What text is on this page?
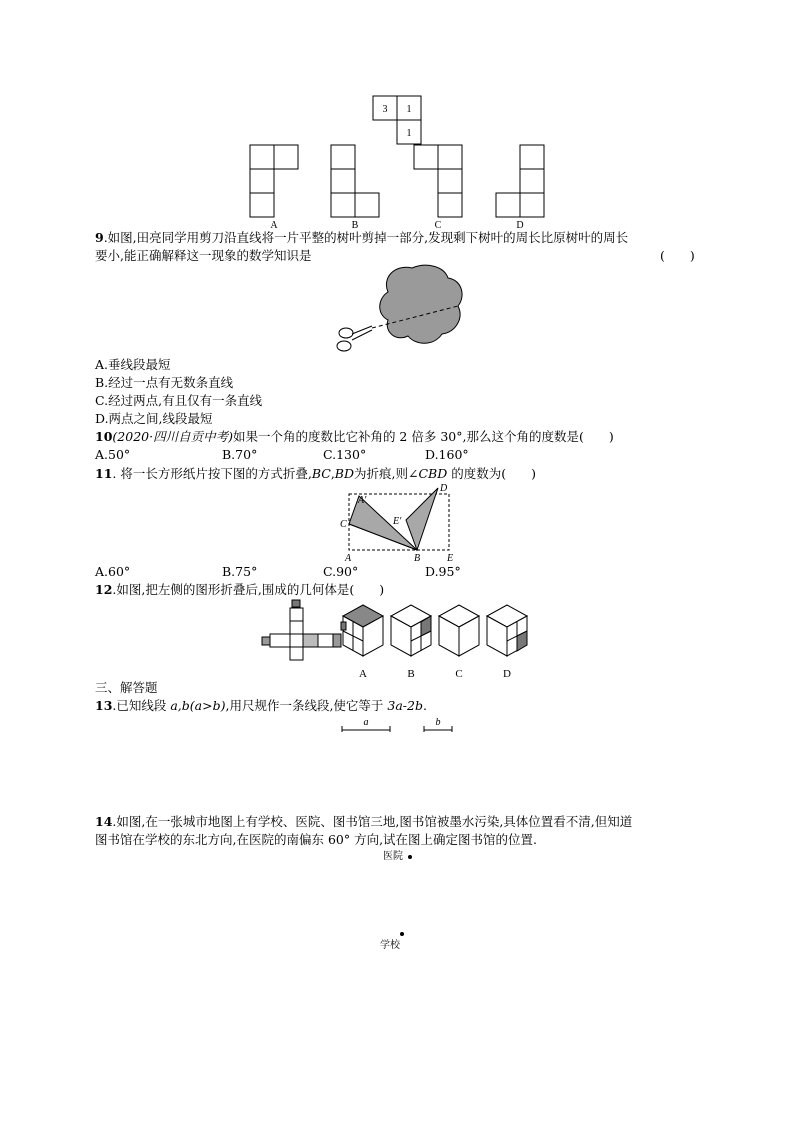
3 1
1
A	B	C	D
9.如图,田亮同学用剪刀沿直线将一片平整的树叶剪掉一部分,发现剩下树叶的周长比原树叶的周长
要小,能正确解释这一现象的数学知识是	(　　)
A.垂线段最短
B.经过一点有无数条直线
C.经过两点,有且仅有一条直线
D.两点之间,线段最短
10(2020·四川自贡中考)如果一个角的度数比它补角的 2 倍多 30°,那么这个角的度数是(　　)
A.50°	B.70°	C.130°	D.160°
11. 将一长方形纸片按下图的方式折叠,BC,BD为折痕,则∠CBD 的度数为(　　)
A′
D
C	E′
A	B	E
A.60°	B.75°	C.90°	D.95°
12.如图,把左侧的图形折叠后,围成的几何体是(　　)
A	B	C	D
三、解答题
13.已知线段 a,b(a>b),用尺规作一条线段,使它等于 3a-2b.
a	b
14.如图,在一张城市地图上有学校、医院、图书馆三地,图书馆被墨水污染,具体位置看不清,但知道
图书馆在学校的东北方向,在医院的南偏东 60° 方向,试在图上确定图书馆的位置.
医院
学校
